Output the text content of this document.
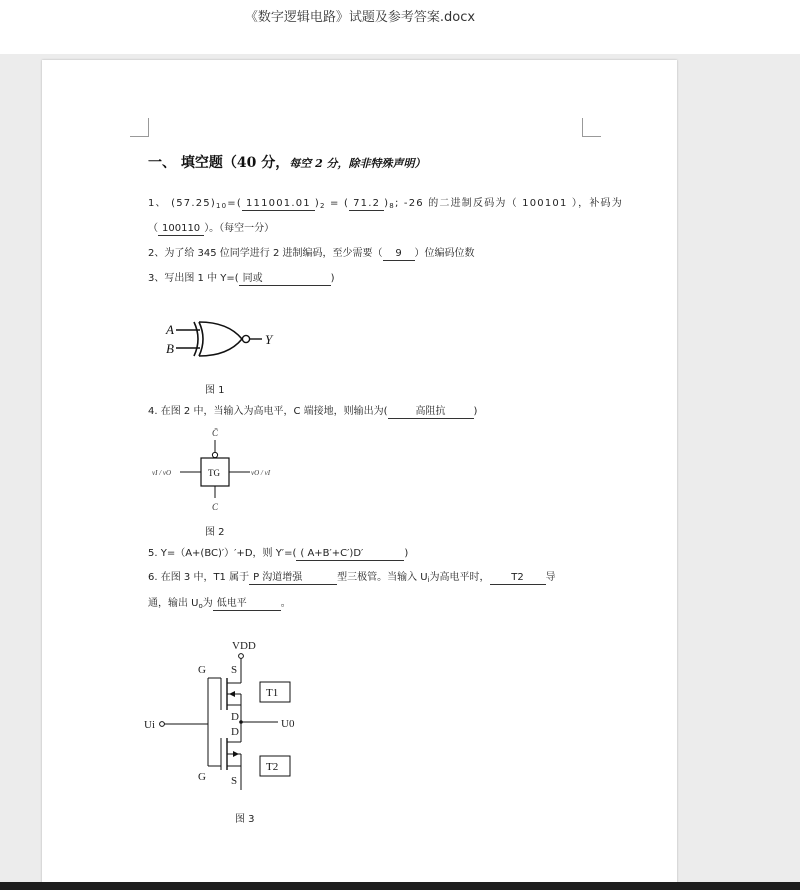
《数字逻辑电路》试题及参考答案.docx
一、 填空题（40 分，每空 2 分，除非特殊声明）
1、 $(57.25)_{10}=$( 111001.01 )$_2$ = ( 71.2 )$_8$; -26 的二进制反码为（ 100101 ），补码为
（ 100110 ）。（每空一分）
2、为了给 345 位同学进行 2 进制编码，至少需要（ 9 ）位编码位数
3、写出图 1 中 Y=( 同或	)
A
B
Y
图 1
4. 在图 2 中，当输入为高电平，C 端接地，则输出为(	高阻抗	)
C̄
TG
vI / vO	vO / vI
C
图 2
5. Y=（A+(BC)′）′+D，则 Y′=( ( A+B′+C′)D′	)
6. 在图 3 中，T1 属于 P 沟道增强	型三极管。当输入 $U_i$为高电平时， T2 导
通，输出 $U_o$为 低电平	。
VDD
G S
D
D
Ui	U0
G S
T1
T2
图 3
